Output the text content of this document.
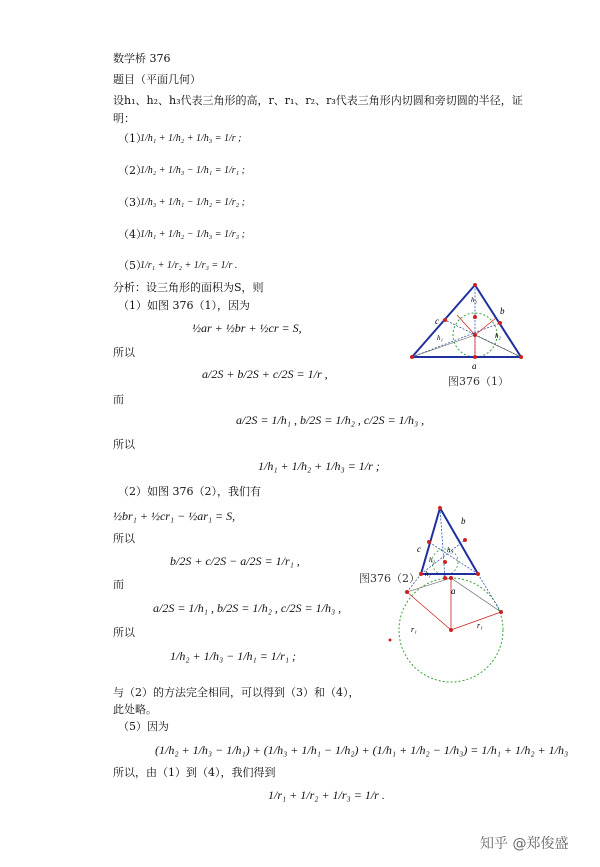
数学桥 376
题目（平面几何）
设h₁、h₂、h₃代表三角形的高，r、r₁、r₂、r₃代表三角形内切圆和旁切圆的半径，证
明：
（1）
1/h₁ + 1/h₂ + 1/h₃ = 1/r ;
（2）
1/h₂ + 1/h₃ − 1/h₁ = 1/r₁ ;
（3）
1/h₃ + 1/h₁ − 1/h₂ = 1/r₂ ;
（4）
1/h₁ + 1/h₂ − 1/h₃ = 1/r₃ ;
（5）
1/r₁ + 1/r₂ + 1/r₃ = 1/r .
分析：设三角形的面积为S，则
（1）如图 376（1），因为
½ar + ½br + ½cr = S,
所以
a/2S + b/2S + c/2S = 1/r ,
而
a/2S = 1/h₁ , b/2S = 1/h₂ , c/2S = 1/h₃ ,
所以
1/h₁ + 1/h₂ + 1/h₃ = 1/r ;
（2）如图 376（2），我们有
½br₁ + ½cr₁ − ½ar₁ = S,
所以
b/2S + c/2S − a/2S = 1/r₁ ,
而
a/2S = 1/h₁ , b/2S = 1/h₂ , c/2S = 1/h₃ ,
所以
1/h₂ + 1/h₃ − 1/h₁ = 1/r₁ ;
与（2）的方法完全相同，可以得到（3）和（4），
此处略。
（5）因为
(1/h₂ + 1/h₃ − 1/h₁) + (1/h₃ + 1/h₁ − 1/h₂) + (1/h₁ + 1/h₂ − 1/h₃) = 1/h₁ + 1/h₂ + 1/h₃
所以，由（1）到（4），我们得到
1/r₁ + 1/r₂ + 1/r₃ = 1/r .
c
b
a
h₃
h₁	h₂
图376（1）
c
b
a
h₃
h₂
h₁
r₁	r₁
图376（2）
知乎 @郑俊盛
